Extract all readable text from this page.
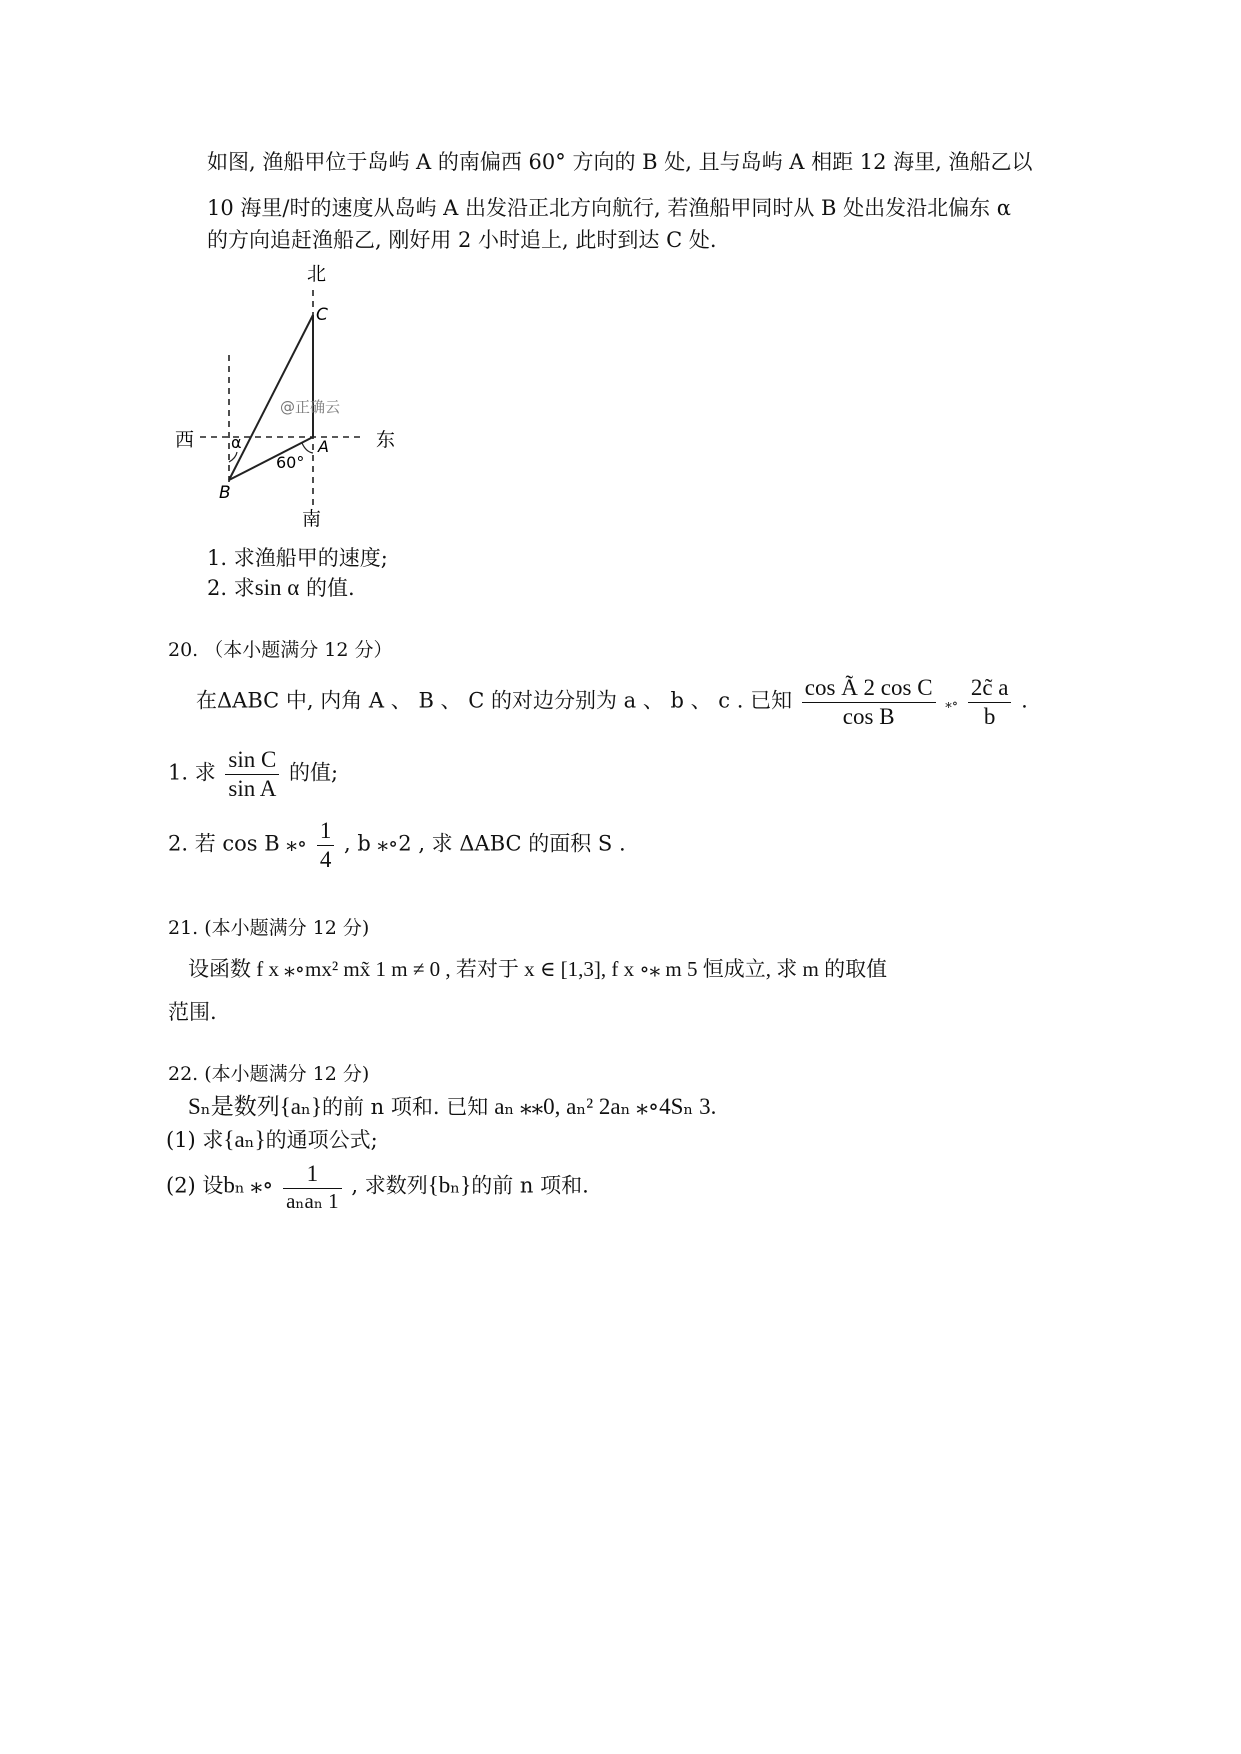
如图, 渔船甲位于岛屿 A 的南偏西 60° 方向的 B 处, 且与岛屿 A 相距 12 海里, 渔船乙以
10 海里/时的速度从岛屿 A 出发沿正北方向航行, 若渔船甲同时从 B 处出发沿北偏东 α
的方向追赶渔船乙, 刚好用 2 小时追上, 此时到达 C 处.
北
南
西	东
C
A
B
α
60°
@正确云
1. 求渔船甲的速度;
2. 求sin α 的值.
20. （本小题满分 12 分）
在ΔABC 中, 内角 A 、 B 、 C 的对边分别为 a 、 b 、 c . 已知 $\frac{\text{cos Ã 2 cos C}}{\text{cos B}}$ ⁎∘ $\frac{2c̃ a}{b}$ .
1. 求 $\frac{\text{sin C}}{\text{sin A}}$ 的值;
2. 若 cos B ⁎∘ $\frac{1}{4}$ , b ⁎∘2 , 求 ΔABC 的面积 S .
21. (本小题满分 12 分)
设函数 f x ⁎∘mx² mx̃ 1 m ≠ 0 , 若对于 x ∈ [1,3], f x ∘⁎ m 5 恒成立, 求 m 的取值
范围.
22. (本小题满分 12 分)
Sₙ是数列{aₙ}的前 n 项和. 已知 aₙ ⁎⁎0, aₙ² 2aₙ ⁎∘4Sₙ 3.
(1) 求{aₙ}的通项公式;
(2) 设bₙ ⁎∘ $\frac{1}{\text{aₙaₙ 1}}$ , 求数列{bₙ}的前 n 项和.
